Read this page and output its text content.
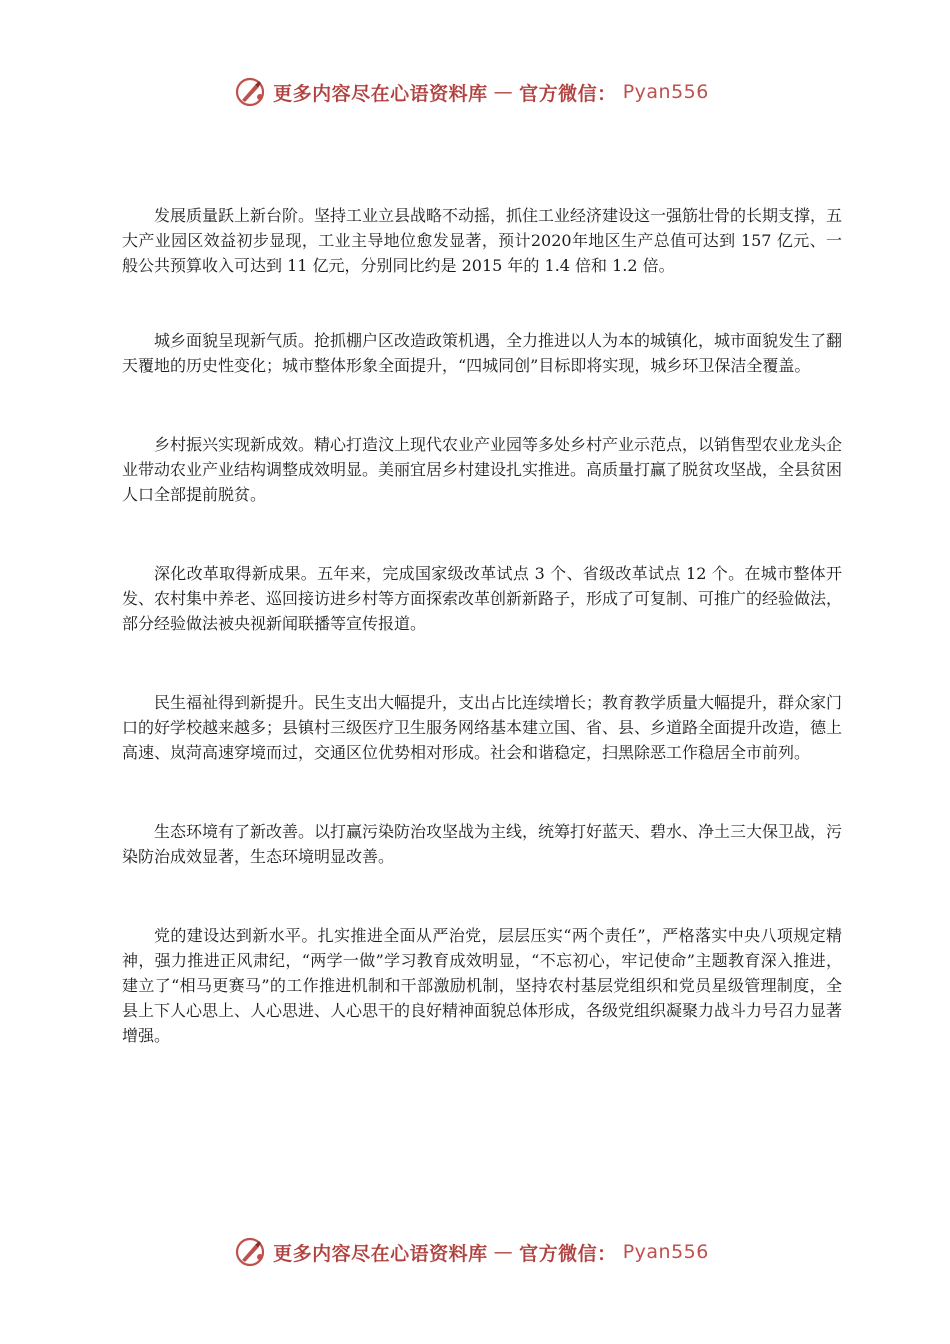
更多内容尽在心语资料库 — 官方微信： Pyan556

发展质量跃上新台阶。坚持工业立县战略不动摇，抓住工业经济建设这一强筋壮骨的长期支撑，五大产业园区效益初步显现，工业主导地位愈发显著，预计2020年地区生产总值可达到 157 亿元、一般公共预算收入可达到 11 亿元，分别同比约是 2015 年的 1.4 倍和 1.2 倍。

城乡面貌呈现新气质。抢抓棚户区改造政策机遇，全力推进以人为本的城镇化，城市面貌发生了翻天覆地的历史性变化；城市整体形象全面提升，“四城同创”目标即将实现，城乡环卫保洁全覆盖。

乡村振兴实现新成效。精心打造汶上现代农业产业园等多处乡村产业示范点，以销售型农业龙头企业带动农业产业结构调整成效明显。美丽宜居乡村建设扎实推进。高质量打赢了脱贫攻坚战，全县贫困人口全部提前脱贫。

深化改革取得新成果。五年来，完成国家级改革试点 3 个、省级改革试点 12 个。在城市整体开发、农村集中养老、巡回接访进乡村等方面探索改革创新新路子，形成了可复制、可推广的经验做法，部分经验做法被央视新闻联播等宣传报道。

民生福祉得到新提升。民生支出大幅提升，支出占比连续增长；教育教学质量大幅提升，群众家门口的好学校越来越多；县镇村三级医疗卫生服务网络基本建立国、省、县、乡道路全面提升改造，德上高速、岚菏高速穿境而过，交通区位优势相对形成。社会和谐稳定，扫黑除恶工作稳居全市前列。

生态环境有了新改善。以打赢污染防治攻坚战为主线，统筹打好蓝天、碧水、净土三大保卫战，污染防治成效显著，生态环境明显改善。

党的建设达到新水平。扎实推进全面从严治党，层层压实“两个责任”，严格落实中央八项规定精神，强力推进正风肃纪，“两学一做”学习教育成效明显，“不忘初心，牢记使命”主题教育深入推进，建立了“相马更赛马”的工作推进机制和干部激励机制，坚持农村基层党组织和党员星级管理制度，全县上下人心思上、人心思进、人心思干的良好精神面貌总体形成，各级党组织凝聚力战斗力号召力显著增强。

更多内容尽在心语资料库 — 官方微信： Pyan556
